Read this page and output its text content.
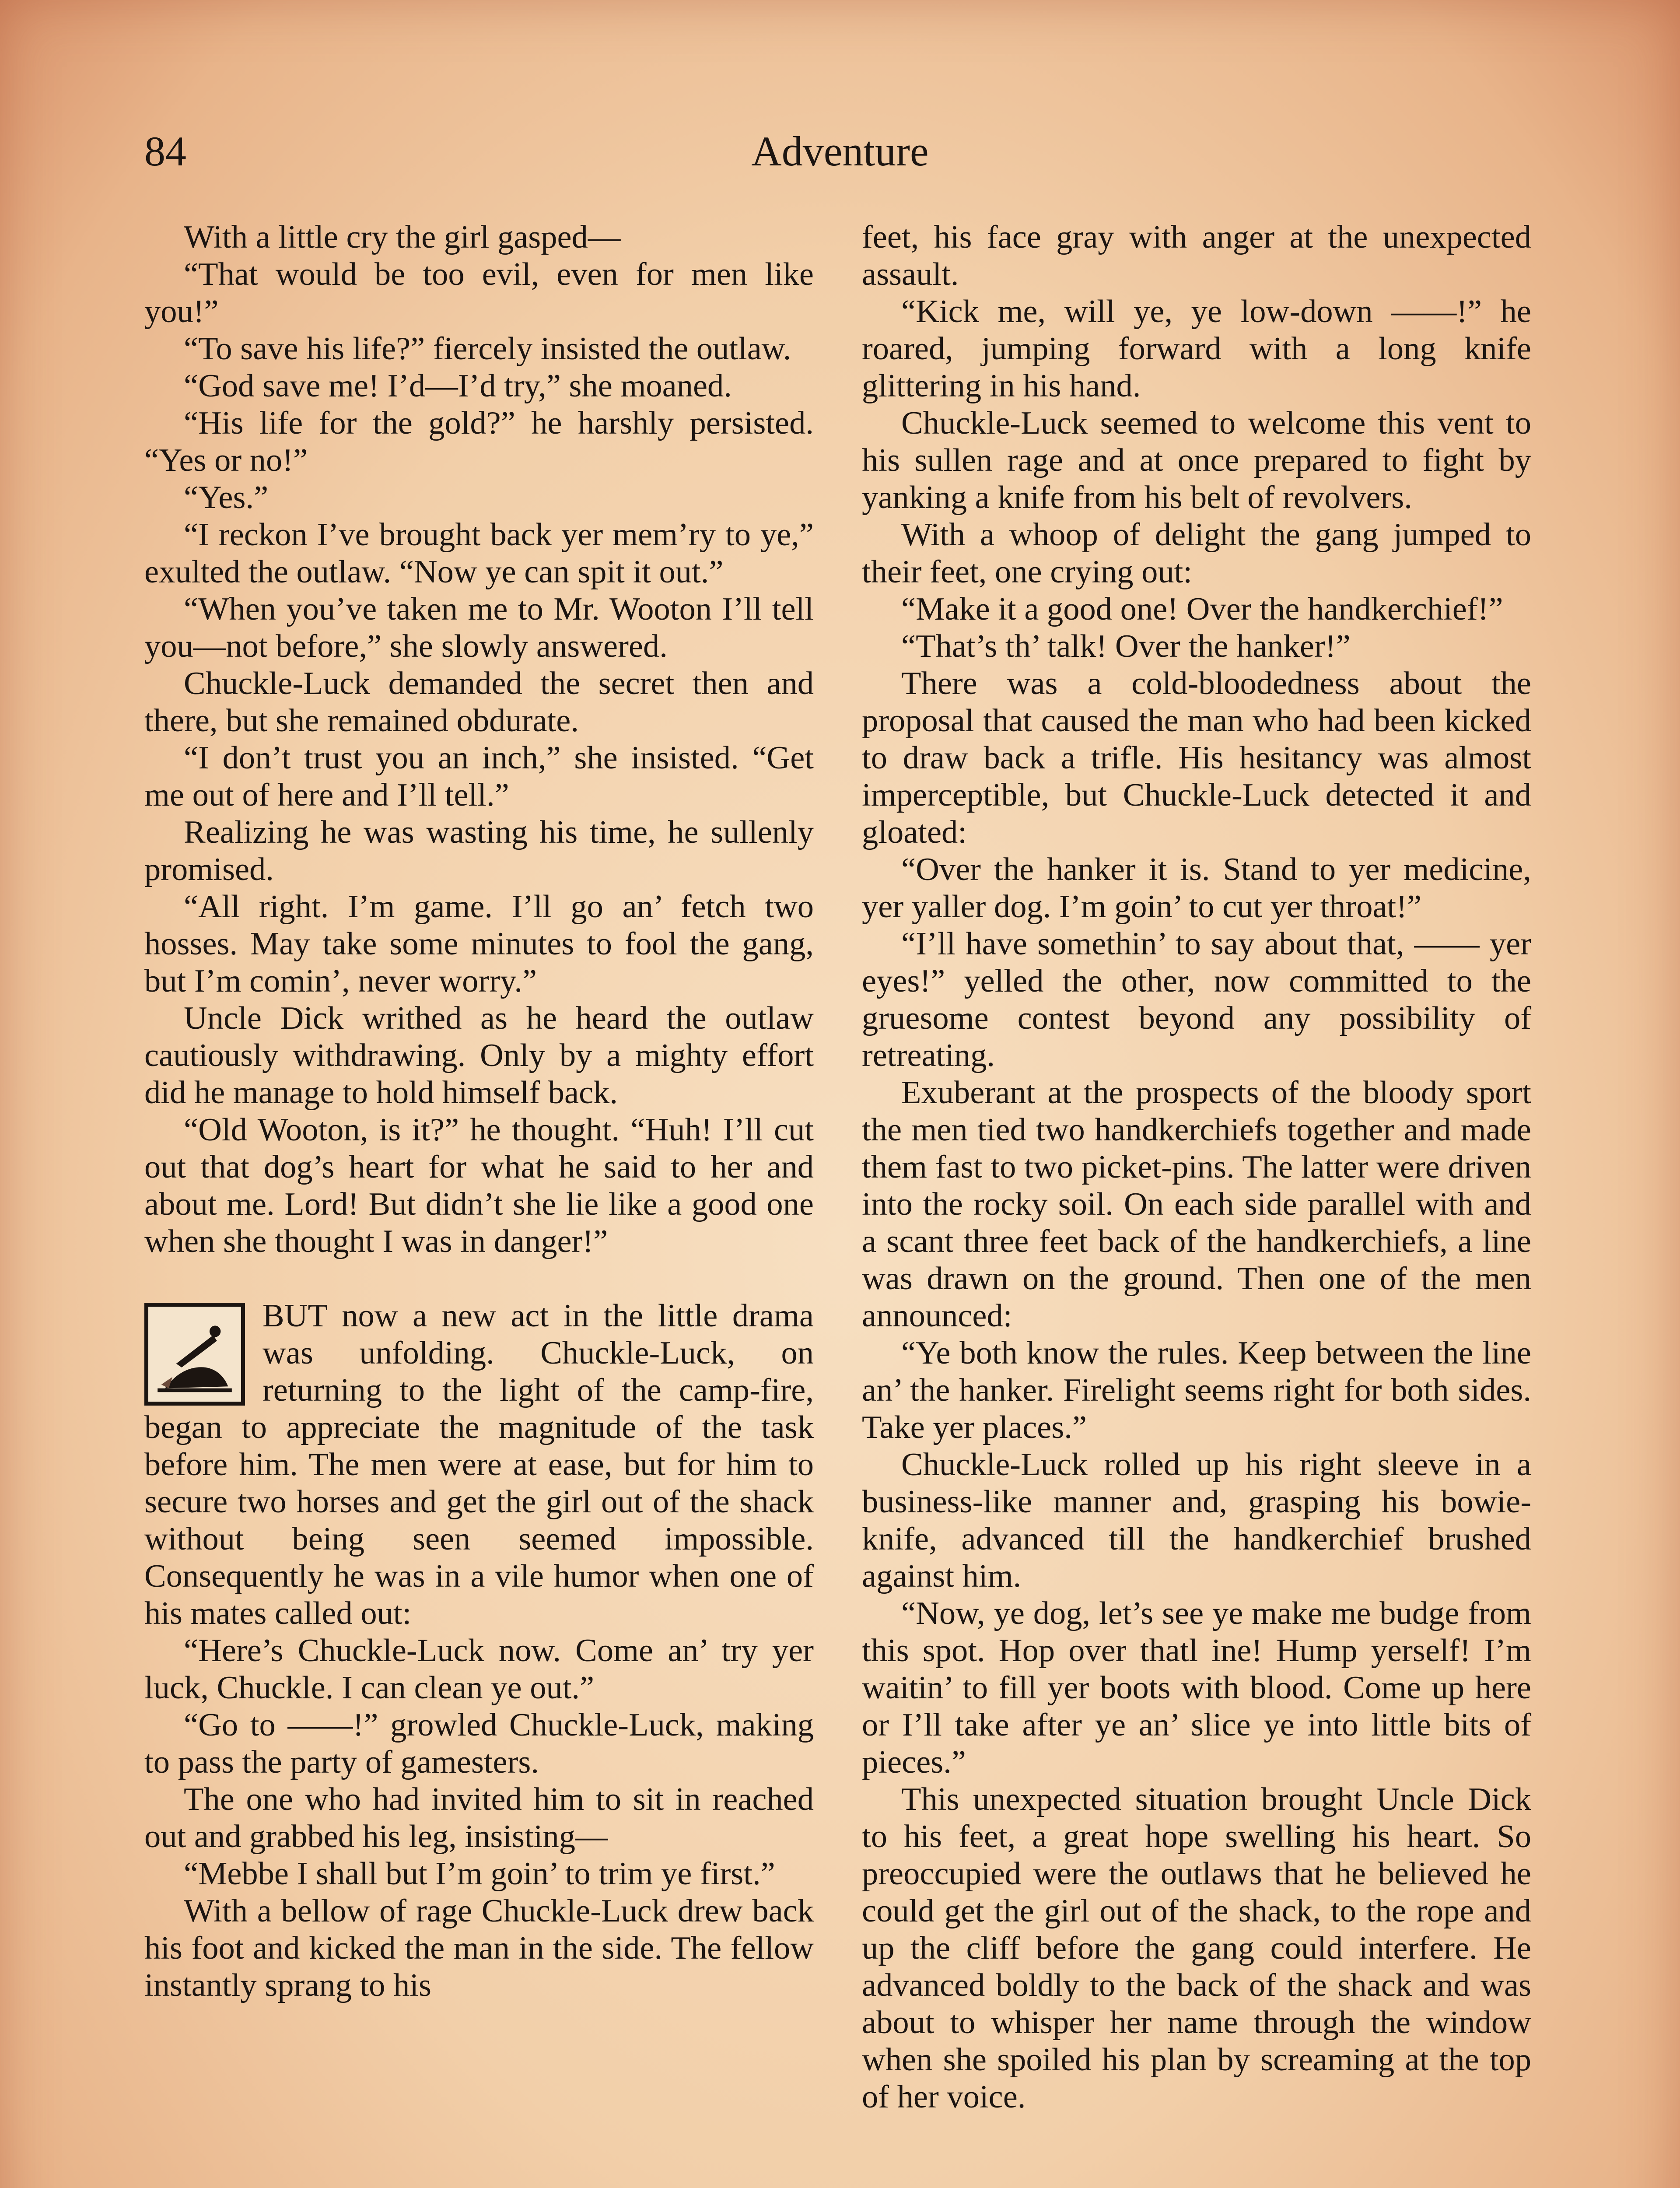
84	Adventure

With a little cry the girl gasped—

“That would be too evil, even for men like you!”

“To save his life?” fiercely insisted the outlaw.

“God save me! I’d—I’d try,” she moaned.

“His life for the gold?” he harshly persisted. “Yes or no!”

“Yes.”

“I reckon I’ve brought back yer mem’ry to ye,” exulted the outlaw. “Now ye can spit it out.”

“When you’ve taken me to Mr. Wooton I’ll tell you—not before,” she slowly answered.

Chuckle-Luck demanded the secret then and there, but she remained obdurate.

“I don’t trust you an inch,” she insisted. “Get me out of here and I’ll tell.”

Realizing he was wasting his time, he sullenly promised.

“All right. I’m game. I’ll go an’ fetch two hosses. May take some minutes to fool the gang, but I’m comin’, never worry.”

Uncle Dick writhed as he heard the outlaw cautiously withdrawing. Only by a mighty effort did he manage to hold himself back.

“Old Wooton, is it?” he thought. “Huh! I’ll cut out that dog’s heart for what he said to her and about me. Lord! But didn’t she lie like a good one when she thought I was in danger!”

BUT now a new act in the little drama was unfolding. Chuckle-Luck, on returning to the light of the camp-fire, began to appreciate the magnitude of the task before him. The men were at ease, but for him to secure two horses and get the girl out of the shack without being seen seemed impossible. Consequently he was in a vile humor when one of his mates called out:

“Here’s Chuckle-Luck now. Come an’ try yer luck, Chuckle. I can clean ye out.”

“Go to ——!” growled Chuckle-Luck, making to pass the party of gamesters.

The one who had invited him to sit in reached out and grabbed his leg, insisting—

“Mebbe I shall but I’m goin’ to trim ye first.”

With a bellow of rage Chuckle-Luck drew back his foot and kicked the man in the side. The fellow instantly sprang to his

feet, his face gray with anger at the unexpected assault.

“Kick me, will ye, ye low-down ——!” he roared, jumping forward with a long knife glittering in his hand.

Chuckle-Luck seemed to welcome this vent to his sullen rage and at once prepared to fight by yanking a knife from his belt of revolvers.

With a whoop of delight the gang jumped to their feet, one crying out:

“Make it a good one! Over the handkerchief!”

“That’s th’ talk! Over the hanker!”

There was a cold-bloodedness about the proposal that caused the man who had been kicked to draw back a trifle. His hesitancy was almost imperceptible, but Chuckle-Luck detected it and gloated:

“Over the hanker it is. Stand to yer medicine, yer yaller dog. I’m goin’ to cut yer throat!”

“I’ll have somethin’ to say about that, —— yer eyes!” yelled the other, now committed to the gruesome contest beyond any possibility of retreating.

Exuberant at the prospects of the bloody sport the men tied two handkerchiefs together and made them fast to two picket-pins. The latter were driven into the rocky soil. On each side parallel with and a scant three feet back of the handkerchiefs, a line was drawn on the ground. Then one of the men announced:

“Ye both know the rules. Keep between the line an’ the hanker. Firelight seems right for both sides. Take yer places.”

Chuckle-Luck rolled up his right sleeve in a business-like manner and, grasping his bowie-knife, advanced till the handkerchief brushed against him.

“Now, ye dog, let’s see ye make me budge from this spot. Hop over thatl ine! Hump yerself! I’m waitin’ to fill yer boots with blood. Come up here or I’ll take after ye an’ slice ye into little bits of pieces.”

This unexpected situation brought Uncle Dick to his feet, a great hope swelling his heart. So preoccupied were the outlaws that he believed he could get the girl out of the shack, to the rope and up the cliff before the gang could interfere. He advanced boldly to the back of the shack and was about to whisper her name through the window when she spoiled his plan by screaming at the top of her voice.
